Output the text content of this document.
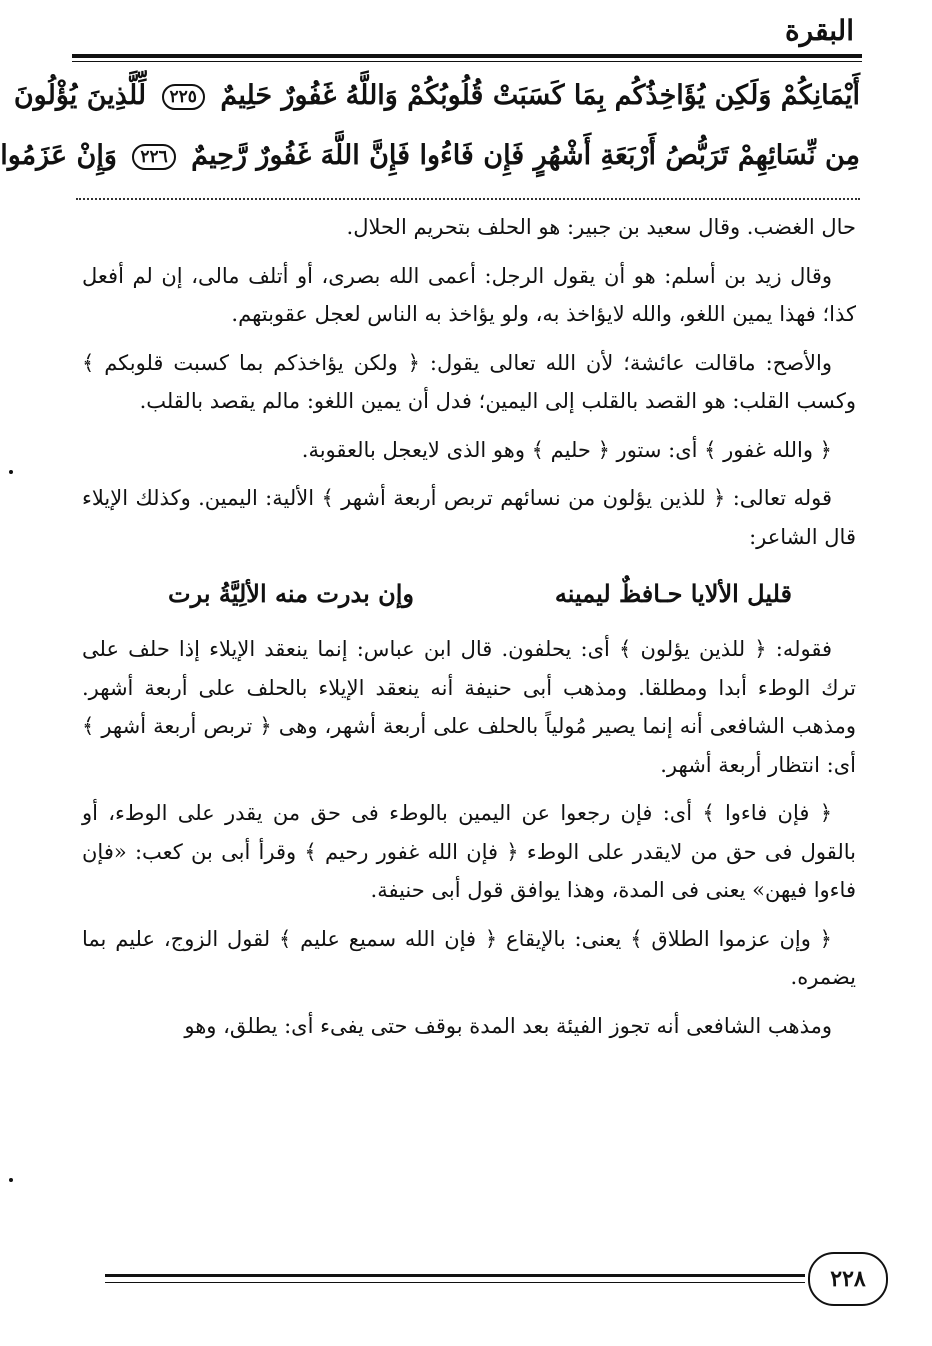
البقرة
أَيْمَانِكُمْ وَلَكِن يُؤَاخِذُكُم بِمَا كَسَبَتْ قُلُوبُكُمْ وَاللَّهُ غَفُورٌ حَلِيمٌ ٢٢٥ لِّلَّذِينَ يُؤْلُونَ
مِن نِّسَائِهِمْ تَرَبُّصُ أَرْبَعَةِ أَشْهُرٍ فَإِن فَاءُوا فَإِنَّ اللَّهَ غَفُورٌ رَّحِيمٌ ٢٢٦ وَإِنْ عَزَمُوا

حال الغضب. وقال سعيد بن جبير: هو الحلف بتحريم الحلال.

وقال زيد بن أسلم: هو أن يقول الرجل: أعمى الله بصرى، أو أتلف مالى، إن لم أفعل كذا؛ فهذا يمين اللغو، والله لايؤاخذ به، ولو يؤاخذ به الناس لعجل عقوبتهم.

والأصح: ماقالت عائشة؛ لأن الله تعالى يقول: ﴿ ولكن يؤاخذكم بما كسبت قلوبكم ﴾ وكسب القلب: هو القصد بالقلب إلى اليمين؛ فدل أن يمين اللغو: مالم يقصد بالقلب.

﴿ والله غفور ﴾ أى: ستور ﴿ حليم ﴾ وهو الذى لايعجل بالعقوبة.

قوله تعالى: ﴿ للذين يؤلون من نسائهم تربص أربعة أشهر ﴾ الألية: اليمين. وكذلك الإيلاء قال الشاعر:

قليل الألايا حـافظٌ ليمينه
وإن بدرت منه الألِيَّةُ برت

فقوله: ﴿ للذين يؤلون ﴾ أى: يحلفون. قال ابن عباس: إنما ينعقد الإيلاء إذا حلف على ترك الوطء أبدا ومطلقا. ومذهب أبى حنيفة أنه ينعقد الإيلاء بالحلف على أربعة أشهر. ومذهب الشافعى أنه إنما يصير مُولياً بالحلف على أربعة أشهر، وهى ﴿ تربص أربعة أشهر ﴾ أى: انتظار أربعة أشهر.

﴿ فإن فاءوا ﴾ أى: فإن رجعوا عن اليمين بالوطء فى حق من يقدر على الوطء، أو بالقول فى حق من لايقدر على الوطء ﴿ فإن الله غفور رحيم ﴾ وقرأ أبى بن كعب: «فإن فاءوا فيهن» يعنى فى المدة، وهذا يوافق قول أبى حنيفة.

﴿ وإن عزموا الطلاق ﴾ يعنى: بالإيقاع ﴿ فإن الله سميع عليم ﴾ لقول الزوج، عليم بما يضمره.

ومذهب الشافعى أنه تجوز الفيئة بعد المدة بوقف حتى يفىء أى: يطلق، وهو

٢٢٨
